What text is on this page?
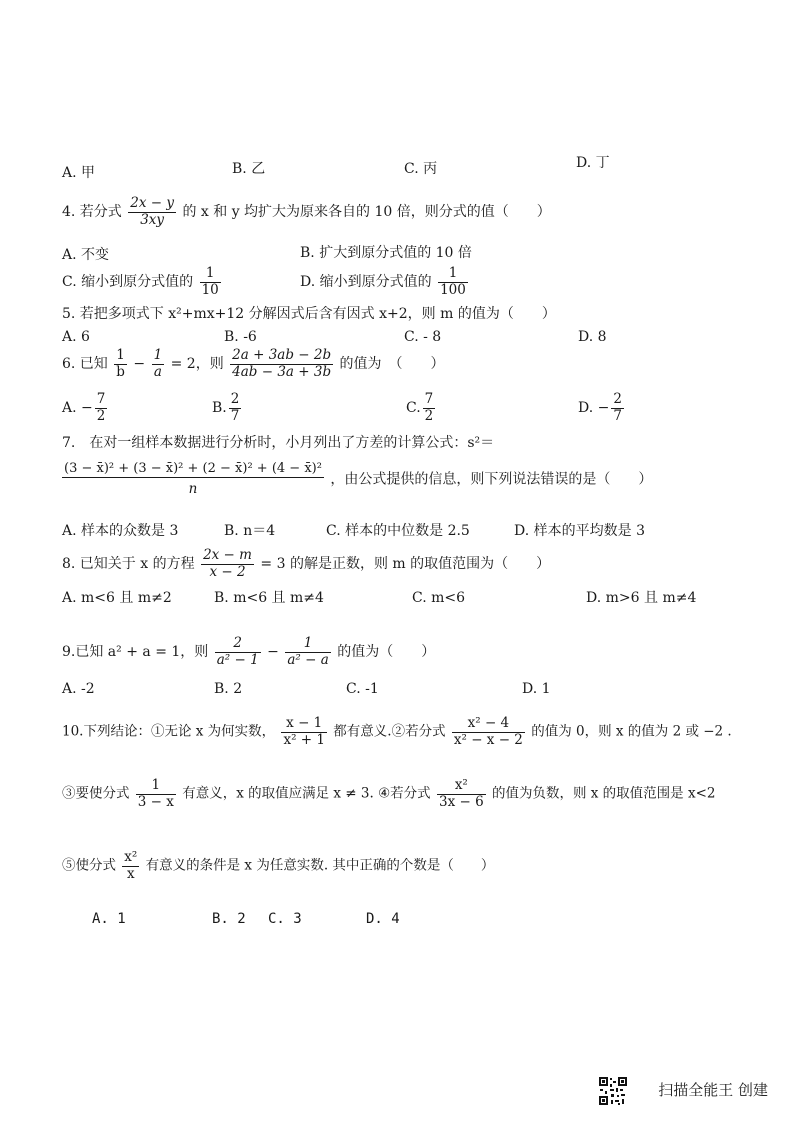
A. 甲	B. 乙	C. 丙	D. 丁
4. 若分式 $\frac{2x - y}{3xy}$ 的 x 和 y 均扩大为原来各自的 10 倍，则分式的值（　　）
A. 不变	B. 扩大到原分式值的 10 倍
C. 缩小到原分式值的 $\frac{1}{10}$	D. 缩小到原分式值的 $\frac{1}{100}$
5. 若把多项式下 x²+mx+12 分解因式后含有因式 x+2，则 m 的值为（　　）
A. 6	B. -6	C. - 8	D. 8
6. 已知 $\frac{1}{b} - \frac{1}{a} = 2$，则 $\frac{2a + 3ab - 2b}{4ab - 3a + 3b}$ 的值为　（　　）
A. − $\frac{7}{2}$	B. $\frac{2}{7}$	C. $\frac{7}{2}$	D. − $\frac{2}{7}$
7.　在对一组样本数据进行分析时，小月列出了方差的计算公式：s²＝
$\frac{\text{(3 − x̄)² + (3 − x̄)² + (2 − x̄)² + (4 − x̄)²}}{n}$ ，由公式提供的信息，则下列说法错误的是（　　）
A. 样本的众数是 3	B. n＝4	C. 样本的中位数是 2.5	D. 样本的平均数是 3
8. 已知关于 x 的方程 $\frac{2x - m}{x - 2} = 3$ 的解是正数，则 m 的取值范围为（　　）
A. m<6 且 m≠2	B. m<6 且 m≠4	C. m<6	D. m>6 且 m≠4
9.已知 a² + a = 1，则 $\frac{2}{\text{a² − 1}} - \frac{1}{\text{a² − a}}$ 的值为（　　）
A. -2	B. 2	C. -1	D. 1
10.下列结论：①无论 x 为何实数， $\frac{x - 1}{\text{x² + 1}}$ 都有意义.②若分式 $\frac{\text{x² − 4}}{\text{x² − x − 2}}$ 的值为 0，则 x 的值为 2 或 −2 .
③要使分式 $\frac{1}{3 - x}$ 有意义，x 的取值应满足 x ≠ 3. ④若分式 $\frac{\text{x²}}{3x - 6}$ 的值为负数，则 x 的取值范围是 x<2
⑤使分式 $\frac{\text{x²}}{x}$ 有意义的条件是 x 为任意实数. 其中正确的个数是（　　）
A. 1	B. 2 C. 3	D. 4
扫描全能王 创建
